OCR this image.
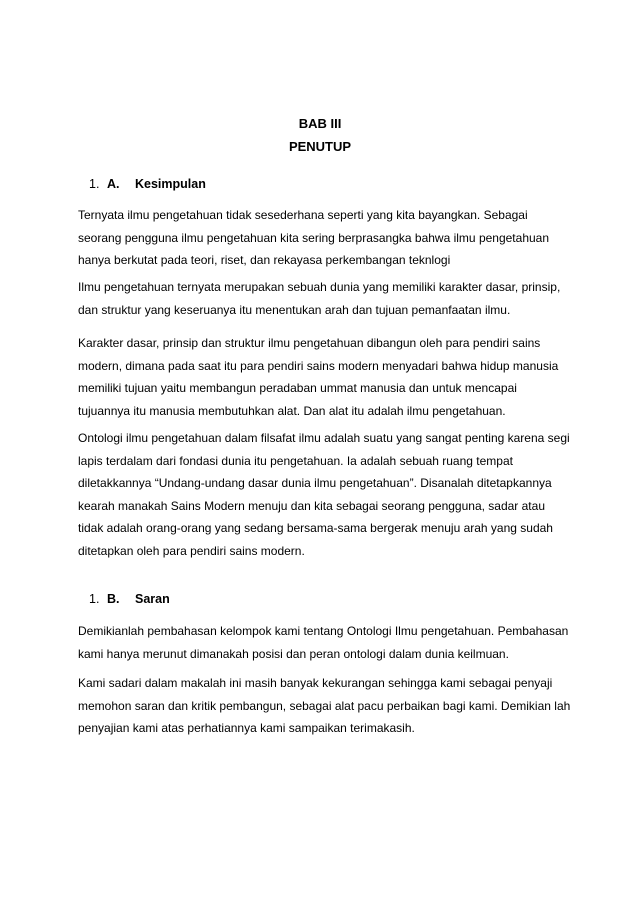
BAB III
PENUTUP
1. A. Kesimpulan
Ternyata ilmu pengetahuan tidak sesederhana seperti yang kita bayangkan. Sebagai
seorang pengguna ilmu pengetahuan kita sering berprasangka bahwa ilmu pengetahuan
hanya berkutat pada teori, riset, dan rekayasa perkembangan teknlogi
Ilmu pengetahuan ternyata merupakan sebuah dunia yang memiliki karakter dasar, prinsip,
dan struktur yang keseruanya itu menentukan arah dan tujuan pemanfaatan ilmu.
Karakter dasar, prinsip dan struktur ilmu pengetahuan dibangun oleh para pendiri sains
modern, dimana pada saat itu para pendiri sains modern menyadari bahwa hidup manusia
memiliki tujuan yaitu membangun peradaban ummat manusia dan untuk mencapai
tujuannya itu manusia membutuhkan alat. Dan alat itu adalah ilmu pengetahuan.
Ontologi ilmu pengetahuan dalam filsafat ilmu adalah suatu yang sangat penting karena segi
lapis terdalam dari fondasi dunia itu pengetahuan. Ia adalah sebuah ruang tempat
diletakkannya “Undang-undang dasar dunia ilmu pengetahuan”. Disanalah ditetapkannya
kearah manakah Sains Modern menuju dan kita sebagai seorang pengguna, sadar atau
tidak adalah orang-orang yang sedang bersama-sama bergerak menuju arah yang sudah
ditetapkan oleh para pendiri sains modern.
1. B. Saran
Demikianlah pembahasan kelompok kami tentang Ontologi Ilmu pengetahuan. Pembahasan
kami hanya merunut dimanakah posisi dan peran ontologi dalam dunia keilmuan.
Kami sadari dalam makalah ini masih banyak kekurangan sehingga kami sebagai penyaji
memohon saran dan kritik pembangun, sebagai alat pacu perbaikan bagi kami. Demikian lah
penyajian kami atas perhatiannya kami sampaikan terimakasih.
